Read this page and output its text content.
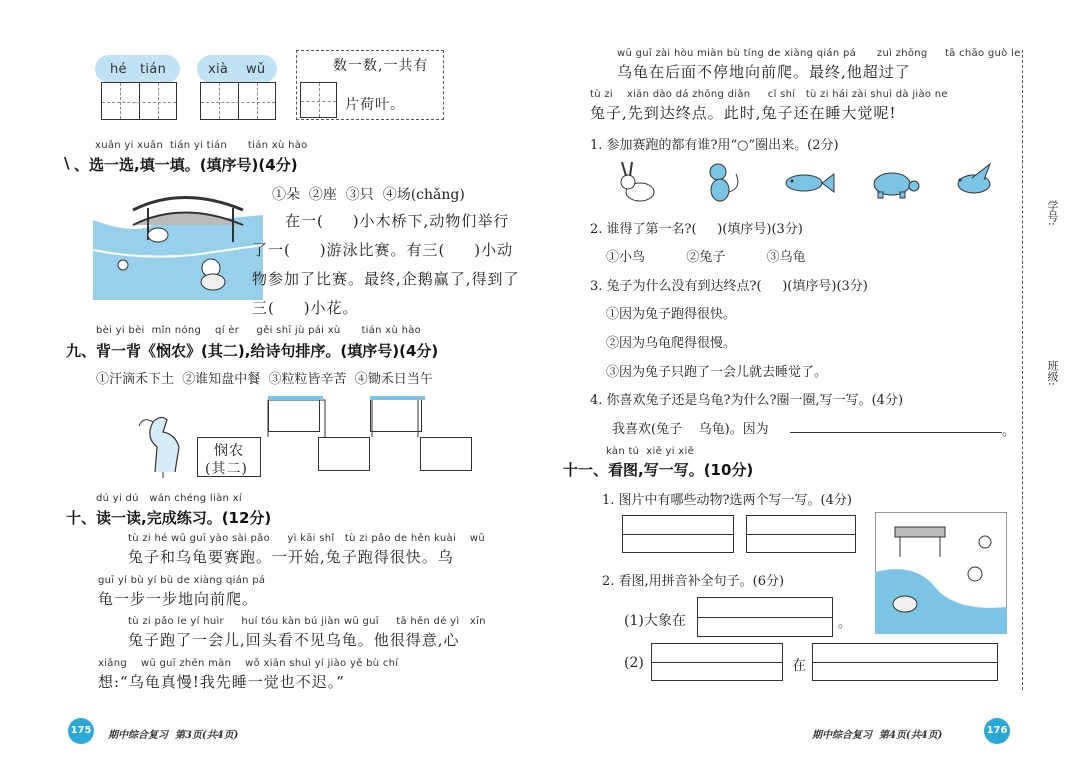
hé tián	xià wǔ	数一数,一共有
片荷叶。
xuǎn yi xuǎn  tián yi tián      tián xù hào
\ 、选一选,填一填。(填序号)(4分)
①朵  ②座  ③只  ④场(chǎng)
在一(     )小木桥下,动物们举行
了一(     )游泳比赛。有三(     )小动
物参加了比赛。最终,企鹅赢了,得到了
三(     )小花。
bèi yi bèi  mǐn nóng    qí èr     gěi shī jù pái xù      tián xù hào
九、背一背《悯农》(其二),给诗句排序。(填序号)(4分)
①汗滴禾下土  ②谁知盘中餐  ③粒粒皆辛苦  ④锄禾日当午
悯农
(其二)
dú yi dú   wán chéng liàn xí
十、读一读,完成练习。(12分)
tù zi hé wū guī yào sài pǎo     yì kāi shǐ   tù zi pǎo de hěn kuài    wū
兔子和乌龟要赛跑。一开始,兔子跑得很快。乌
guī yí bù yí bù de xiàng qián pá
龟一步一步地向前爬。
tù zi pǎo le yí huìr     huí tóu kàn bú jiàn wū guī     tā hěn dé yì   xīn
兔子跑了一会儿,回头看不见乌龟。他很得意,心
xiǎng    wū guī zhēn màn    wǒ xiān shuì yí jiào yě bù chí
想:“乌龟真慢!我先睡一觉也不迟。”
175 期中综合复习  第3页(共4页)
wū guī zài hòu miàn bù tíng de xiàng qián pá      zuì zhōng     tā chāo guò le
乌龟在后面不停地向前爬。最终,他超过了
tù zi    xiān dào dá zhōng diǎn     cǐ shí   tù zi hái zài shuì dà jiào ne
兔子,先到达终点。此时,兔子还在睡大觉呢!
1. 参加赛跑的都有谁?用“○”圈出来。(2分)
2. 谁得了第一名?(     )(填序号)(3分)
①小鸟          ②兔子          ③乌龟
3. 兔子为什么没有到达终点?(     )(填序号)(3分)
①因为兔子跑得很快。
②因为乌龟爬得很慢。
③因为兔子只跑了一会儿就去睡觉了。
4. 你喜欢兔子还是乌龟?为什么?圈一圈,写一写。(4分)
我喜欢(兔子    乌龟)。因为	。
kàn tú  xiě yi xiě
十一、看图,写一写。(10分)
1. 图片中有哪些动物?选两个写一写。(4分)
2. 看图,用拼音补全句子。(6分)
(1)大象在	。
(2)	在
期中综合复习  第4页(共4页)	176
学号:
班级:
